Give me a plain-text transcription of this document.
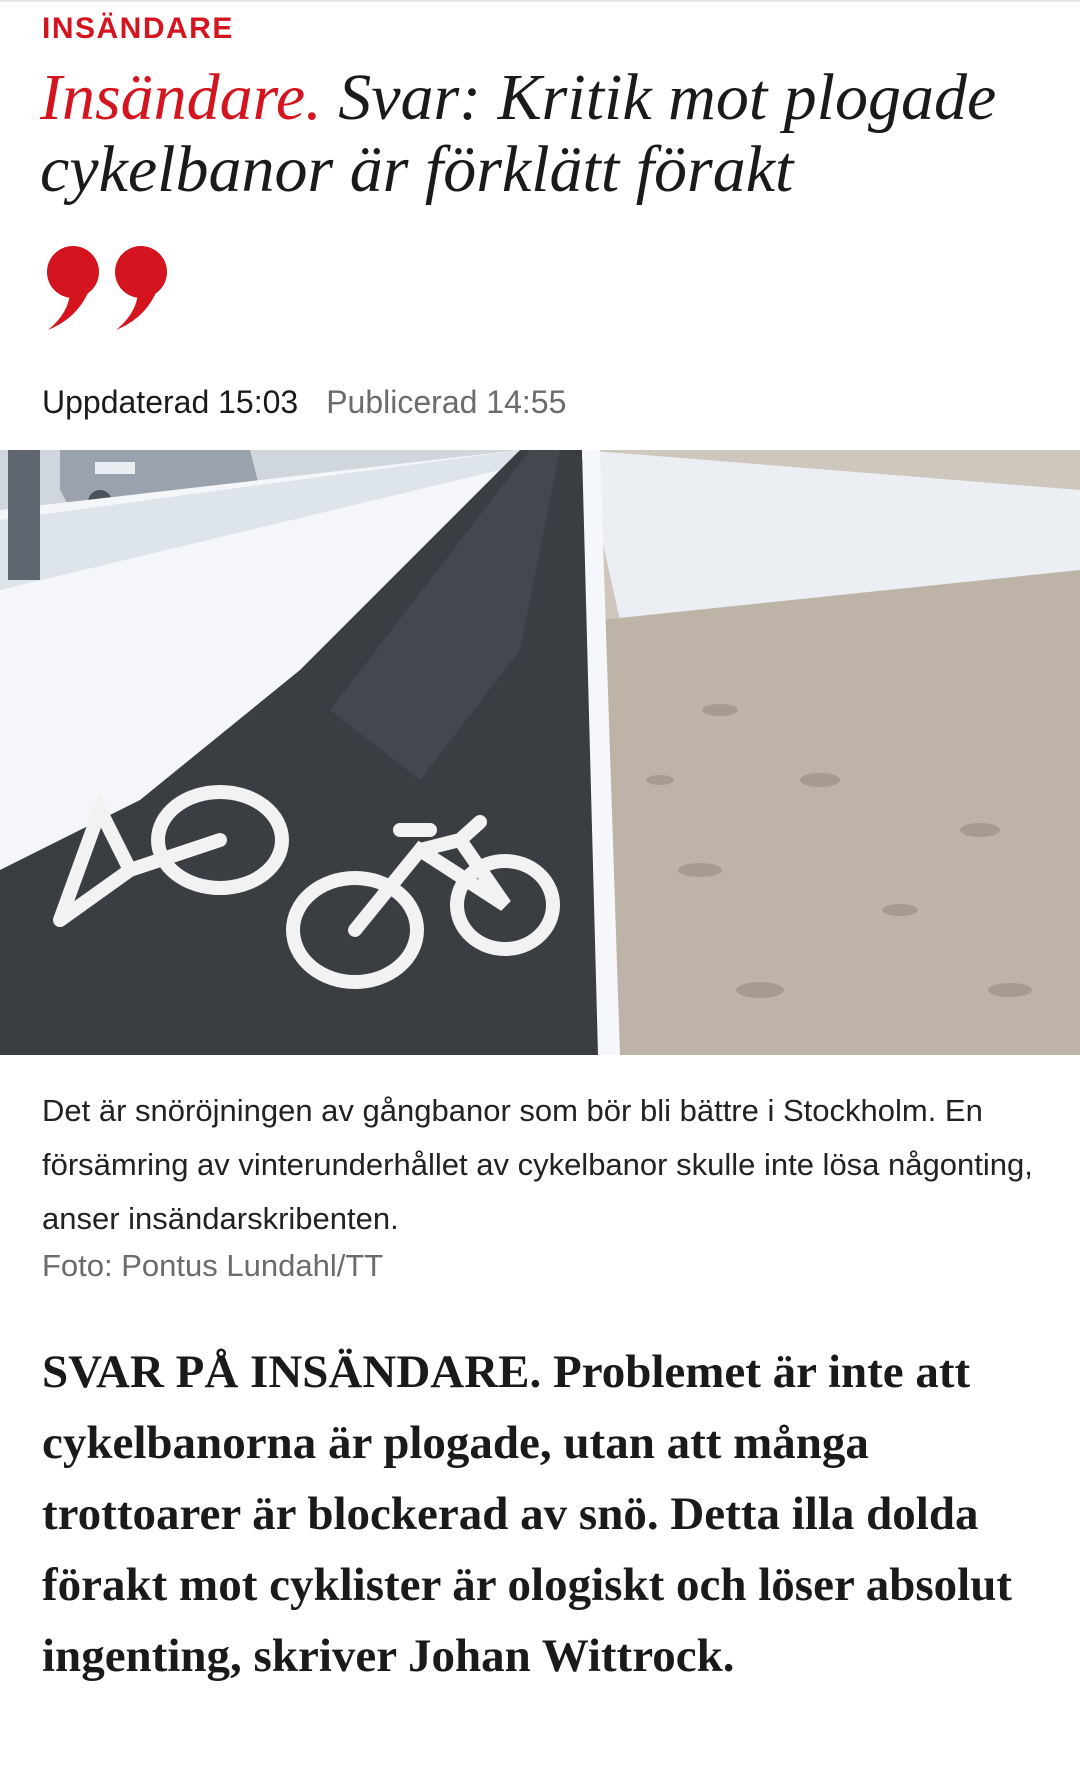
INSÄNDARE
Insändare. Svar: Kritik mot plogade cykelbanor är förklätt förakt
Uppdaterad 15:03 Publicerad 14:55
Det är snöröjningen av gångbanor som bör bli bättre i Stockholm. En försämring av vinterunderhållet av cykelbanor skulle inte lösa någonting, anser insändarskribenten.
Foto: Pontus Lundahl/TT

SVAR PÅ INSÄNDARE. Problemet är inte att cykelbanorna är plogade, utan att många trottoarer är blockerad av snö. Detta illa dolda förakt mot cyklister är ologiskt och löser absolut ingenting, skriver Johan Wittrock.
